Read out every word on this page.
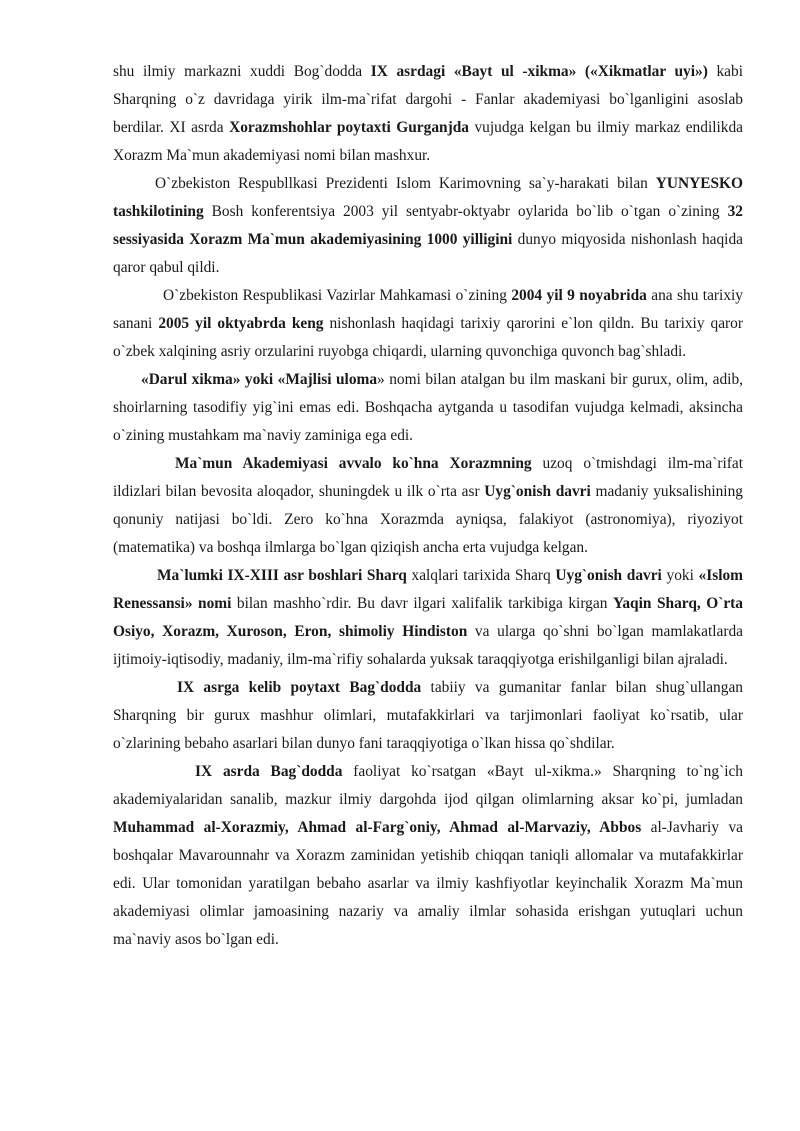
shu ilmiy markazni xuddi Bog`dodda IX asrdagi «Bayt ul -xikma» («Xikmatlar uyi») kabi Sharqning o`z davridaga yirik ilm-ma`rifat dargohi - Fanlar akademiyasi bo`lganligini asoslab berdilar. XI asrda Xorazmshohlar poytaxti Gurganjda vujudga kelgan bu ilmiy markaz endilikda Xorazm Ma`mun akademiyasi nomi bilan mashxur.

O`zbekiston Respubllkasi Prezidenti Islom Karimovning sa`y-harakati bilan YUNYESKO tashkilotining Bosh konferentsiya 2003 yil sentyabr-oktyabr oylarida bo`lib o`tgan o`zining 32 sessiyasida Xorazm Ma`mun akademiyasining 1000 yilligini dunyo miqyosida nishonlash haqida qaror qabul qildi.

O`zbekiston Respublikasi Vazirlar Mahkamasi o`zining 2004 yil 9 noyabrida ana shu tarixiy sanani 2005 yil oktyabrda keng nishonlash haqidagi tarixiy qarorini e`lon qildn. Bu tarixiy qaror o`zbek xalqining asriy orzularini ruyobga chiqardi, ularning quvonchiga quvonch bag`shladi.

«Darul xikma» yoki «Majlisi uloma» nomi bilan atalgan bu ilm maskani bir gurux, olim, adib, shoirlarning tasodifiy yig`ini emas edi. Boshqacha aytganda u tasodifan vujudga kelmadi, aksincha o`zining mustahkam ma`naviy zaminiga ega edi.

Ma`mun Akademiyasi avvalo ko`hna Xorazmning uzoq o`tmishdagi ilm-ma`rifat ildizlari bilan bevosita aloqador, shuningdek u ilk o`rta asr Uyg`onish davri madaniy yuksalishining qonuniy natijasi bo`ldi. Zero ko`hna Xorazmda ayniqsa, falakiyot (astronomiya), riyoziyot (matematika) va boshqa ilmlarga bo`lgan qiziqish ancha erta vujudga kelgan.

Ma`lumki IX-XIII asr boshlari Sharq xalqlari tarixida Sharq Uyg`onish davri yoki «Islom Renessansi» nomi bilan mashho`rdir. Bu davr ilgari xalifalik tarkibiga kirgan Yaqin Sharq, O`rta Osiyo, Xorazm, Xuroson, Eron, shimoliy Hindiston va ularga qo`shni bo`lgan mamlakatlarda ijtimoiy-iqtisodiy, madaniy, ilm-ma`rifiy sohalarda yuksak taraqqiyotga erishilganligi bilan ajraladi.

IX asrga kelib poytaxt Bag`dodda tabiiy va gumanitar fanlar bilan shug`ullangan Sharqning bir gurux mashhur olimlari, mutafakkirlari va tarjimonlari faoliyat ko`rsatib, ular o`zlarining bebaho asarlari bilan dunyo fani taraqqiyotiga o`lkan hissa qo`shdilar.

IX asrda Bag`dodda faoliyat ko`rsatgan «Bayt ul-xikma.» Sharqning to`ng`ich akademiyalaridan sanalib, mazkur ilmiy dargohda ijod qilgan olimlarning aksar ko`pi, jumladan Muhammad al-Xorazmiy, Ahmad al-Farg`oniy, Ahmad al-Marvaziy, Abbos al-Javhariy va boshqalar Mavarounnahr va Xorazm zaminidan yetishib chiqqan taniqli allomalar va mutafakkirlar edi. Ular tomonidan yaratilgan bebaho asarlar va ilmiy kashfiyotlar keyinchalik Xorazm Ma`mun akademiyasi olimlar jamoasining nazariy va amaliy ilmlar sohasida erishgan yutuqlari uchun ma`naviy asos bo`lgan edi.
